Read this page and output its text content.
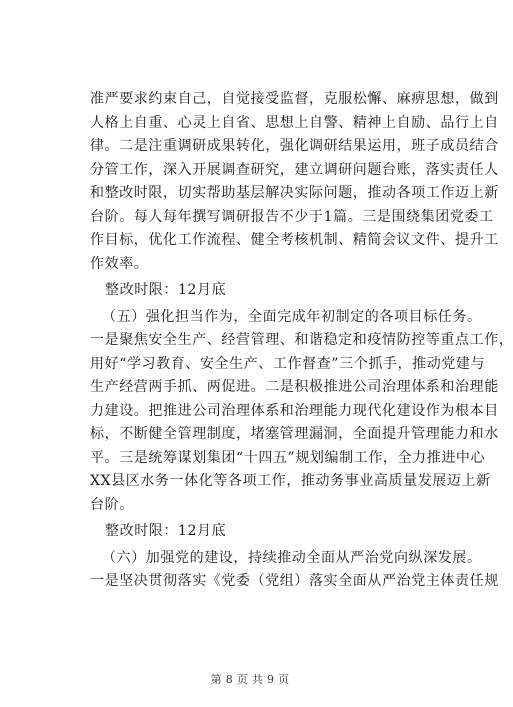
准严要求约束自己，自觉接受监督，克服松懈、麻痹思想，做到
人格上自重、心灵上自省、思想上自警、精神上自励、品行上自
律。二是注重调研成果转化，强化调研结果运用，班子成员结合
分管工作，深入开展调查研究，建立调研问题台账，落实责任人
和整改时限，切实帮助基层解决实际问题，推动各项工作迈上新
台阶。每人每年撰写调研报告不少于1篇。三是围绕集团党委工
作目标，优化工作流程、健全考核机制、精简会议文件、提升工
作效率。
整改时限：12月底
（五）强化担当作为，全面完成年初制定的各项目标任务。
一是聚焦安全生产、经营管理、和谐稳定和疫情防控等重点工作，
用好“学习教育、安全生产、工作督查”三个抓手，推动党建与
生产经营两手抓、两促进。二是积极推进公司治理体系和治理能
力建设。把推进公司治理体系和治理能力现代化建设作为根本目
标，不断健全管理制度，堵塞管理漏洞，全面提升管理能力和水
平。三是统筹谋划集团“十四五”规划编制工作，全力推进中心
XX县区水务一体化等各项工作，推动务事业高质量发展迈上新
台阶。
整改时限：12月底
（六）加强党的建设，持续推动全面从严治党向纵深发展。
一是坚决贯彻落实《党委（党组）落实全面从严治党主体责任规
第 8 页 共 9 页
